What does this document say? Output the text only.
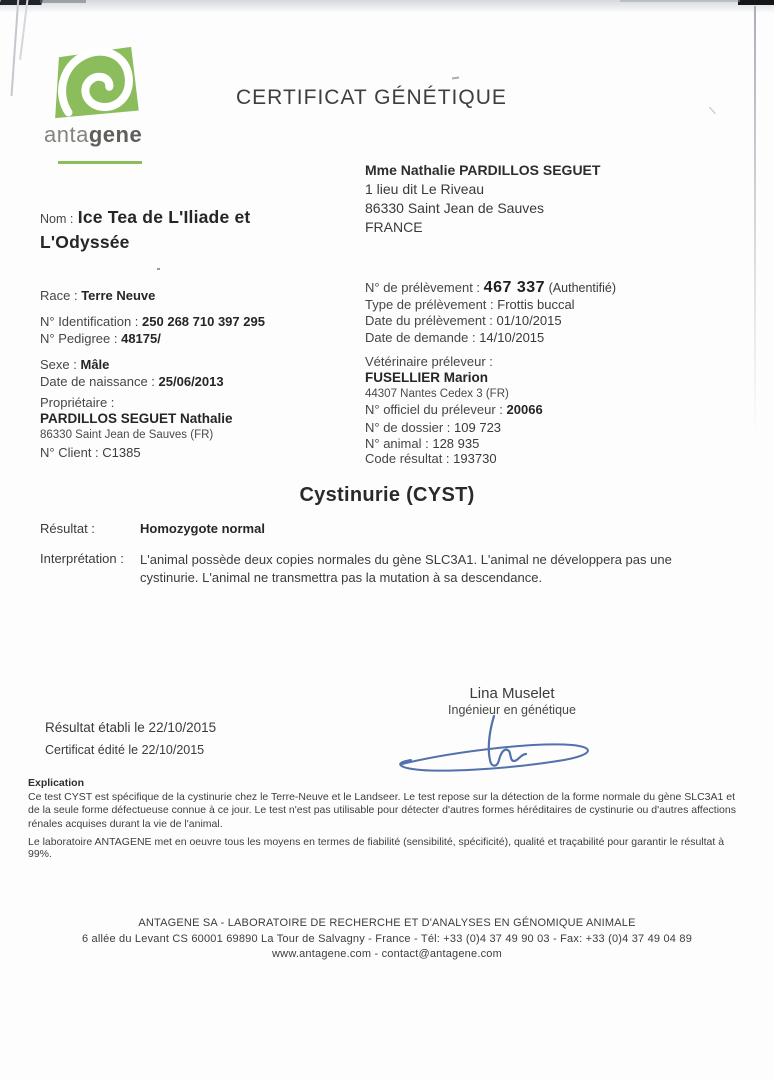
antagene
CERTIFICAT GÉNÉTIQUE
Mme Nathalie PARDILLOS SEGUET
1 lieu dit Le Riveau
86330 Saint Jean de Sauves
FRANCE
Nom : Ice Tea de L'Iliade et L'Odyssée
Race : Terre Neuve
N° Identification : 250 268 710 397 295
N° Pedigree : 48175/
Sexe : Mâle
Date de naissance : 25/06/2013
Propriétaire :
PARDILLOS SEGUET Nathalie
86330 Saint Jean de Sauves (FR)
N° Client : C1385
N° de prélèvement : 467 337 (Authentifié)
Type de prélèvement : Frottis buccal
Date du prélèvement : 01/10/2015
Date de demande : 14/10/2015
Vétérinaire préleveur :
FUSELLIER Marion
44307 Nantes Cedex 3 (FR)
N° officiel du préleveur : 20066
N° de dossier : 109 723
N° animal : 128 935
Code résultat : 193730
Cystinurie (CYST)
Résultat :	Homozygote normal
Interprétation : L'animal possède deux copies normales du gène SLC3A1. L'animal ne développera pas une cystinurie. L'animal ne transmettra pas la mutation à sa descendance.
Lina Muselet
Ingénieur en génétique
Résultat établi le 22/10/2015
Certificat édité le 22/10/2015
Explication
Ce test CYST est spécifique de la cystinurie chez le Terre-Neuve et le Landseer. Le test repose sur la détection de la forme normale du gène SLC3A1 et de la seule forme défectueuse connue à ce jour. Le test n'est pas utilisable pour détecter d'autres formes héréditaires de cystinurie ou d'autres affections rénales acquises durant la vie de l'animal.
Le laboratoire ANTAGENE met en oeuvre tous les moyens en termes de fiabilité (sensibilité, spécificité), qualité et traçabilité pour garantir le résultat à 99%.
ANTAGENE SA - LABORATOIRE DE RECHERCHE ET D'ANALYSES EN GÉNOMIQUE ANIMALE
6 allée du Levant CS 60001 69890 La Tour de Salvagny - France - Tél: +33 (0)4 37 49 90 03 - Fax: +33 (0)4 37 49 04 89
www.antagene.com - contact@antagene.com
